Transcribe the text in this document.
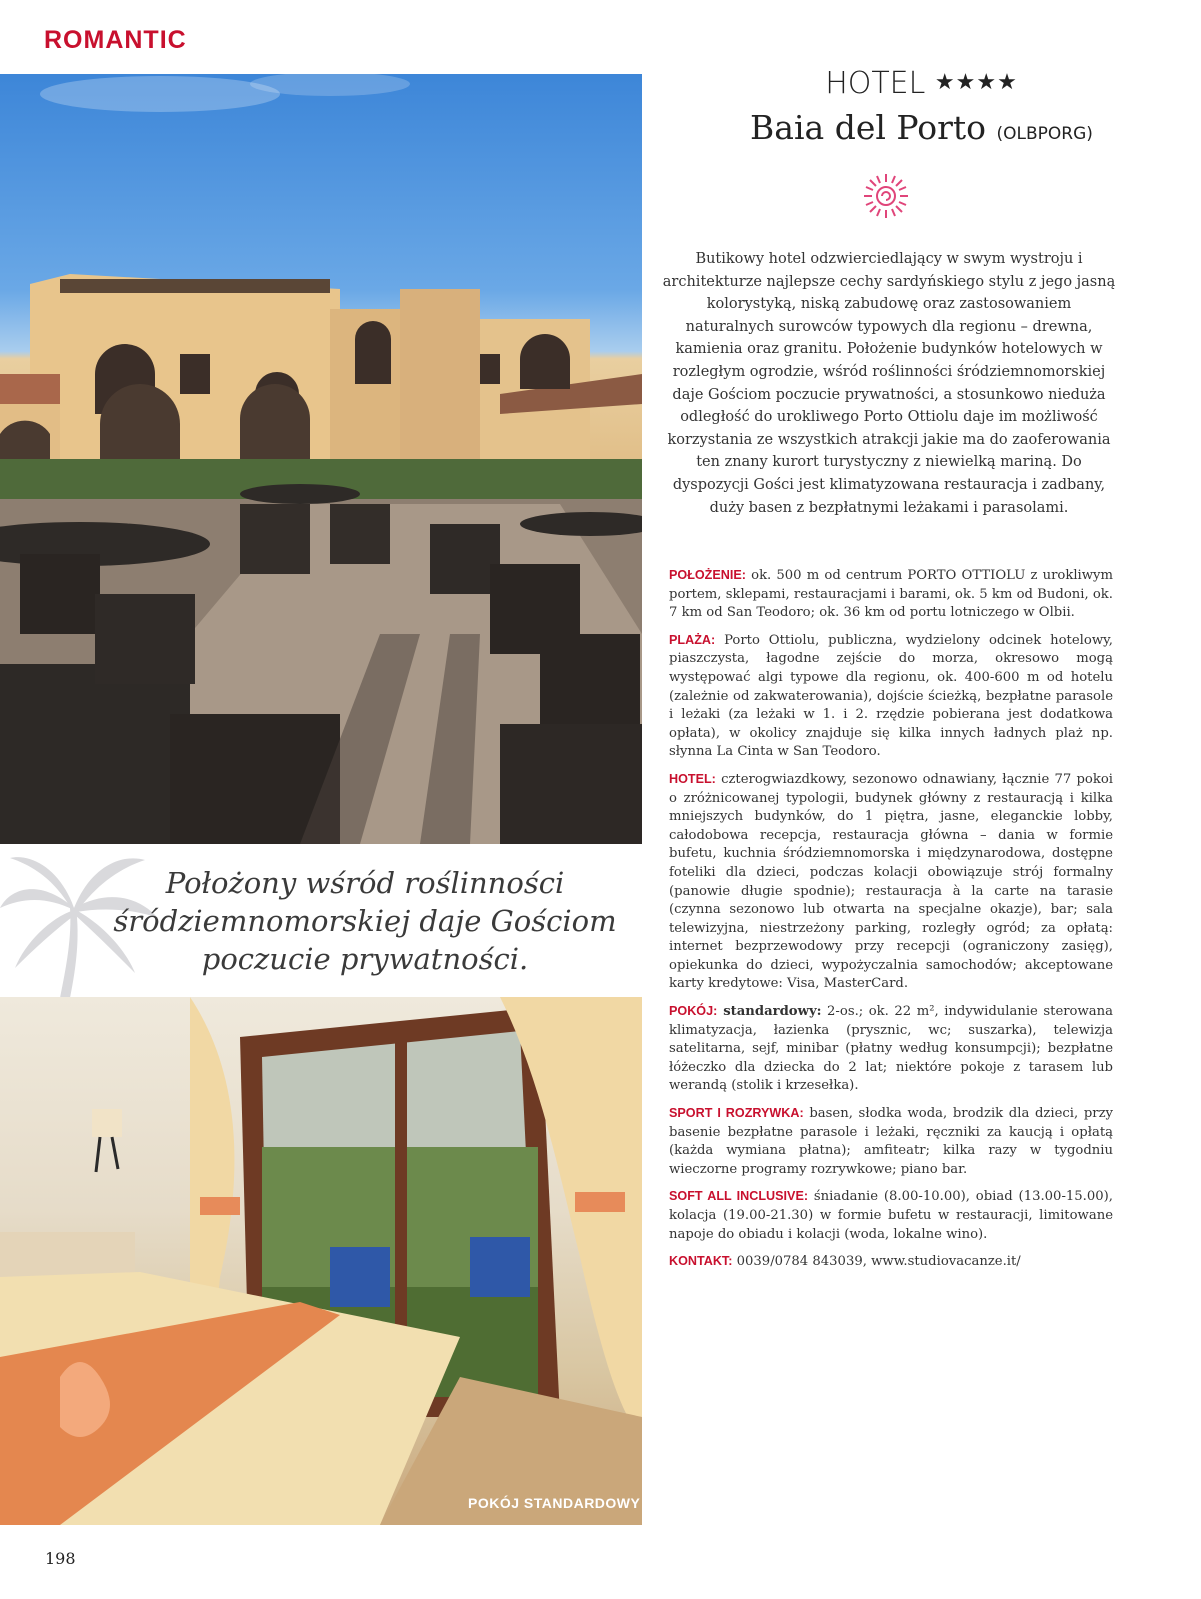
ROMANTIC
Położony wśród roślinności śródziemnomorskiej daje Gościom poczucie prywatności.
POKÓJ STANDARDOWY
HOTEL ★★★★
Baia del Porto (OLBPORG)
Butikowy hotel odzwierciedlający w swym wystroju i architekturze najlepsze cechy sardyńskiego stylu z jego jasną kolorystyką, niską zabudowę oraz zastosowaniem naturalnych surowców typowych dla regionu – drewna, kamienia oraz granitu. Położenie budynków hotelowych w rozległym ogrodzie, wśród roślinności śródziemnomorskiej daje Gościom poczucie prywatności, a stosunkowo niedużа odległość do urokliwego Porto Ottiolu daje im możliwość korzystania ze wszystkich atrakcji jakie ma do zaoferowania ten znany kurort turystyczny z niewielką mariną. Do dyspozycji Gości jest klimatyzowana restauracja i zadbany, duży basen z bezpłatnymi leżakami i parasolami.

POŁOŻENIE: ok. 500 m od centrum PORTO OTTIOLU z urokliwym portem, sklepami, restauracjami i barami, ok. 5 km od Budoni, ok. 7 km od San Teodoro; ok. 36 km od portu lotniczego w Olbii.

PLAŻA: Porto Ottiolu, publiczna, wydzielony odcinek hotelowy, piaszczysta, łagodne zejście do morza, okresowo mogą występować algi typowe dla regionu, ok. 400-600 m od hotelu (zależnie od zakwaterowania), dojście ścieżką, bezpłatne parasole i leżaki (za leżaki w 1. i 2. rzędzie pobierana jest dodatkowa opłata), w okolicy znajduje się kilka innych ładnych plaż np. słynna La Cinta w San Teodoro.

HOTEL: czterogwiazdkowy, sezonowo odnawiany, łącznie 77 pokoi o zróżnicowanej typologii, budynek główny z restauracją i kilka mniejszych budynków, do 1 piętra, jasne, eleganckie lobby, całodobowa recepcja, restauracja główna – dania w formie bufetu, kuchnia śródziemnomorska i międzynarodowa, dostępne foteliki dla dzieci, podczas kolacji obowiązuje strój formalny (panowie długie spodnie); restauracja à la carte na tarasie (czynna sezonowo lub otwarta na specjalne okazje), bar; sala telewizyjna, niestrzeżony parking, rozległy ogród; za opłatą: internet bezprzewodowy przy recepcji (ograniczony zasięg), opiekunka do dzieci, wypożyczalnia samochodów; akceptowane karty kredytowe: Visa, MasterCard.

POKÓJ: standardowy: 2-os.; ok. 22 m², indywidulanie sterowana klimatyzacja, łazienka (prysznic, wc; suszarka), telewizja satelitarna, sejf, minibar (płatny według konsumpcji); bezpłatne łóżeczko dla dziecka do 2 lat; niektóre pokoje z tarasem lub werandą (stolik i krzesełka).

SPORT I ROZRYWKA: basen, słodka woda, brodzik dla dzieci, przy basenie bezpłatne parasole i leżaki, ręczniki za kaucją i opłatą (każda wymiana płatna); amfiteatr; kilka razy w tygodniu wieczorne programy rozrywkowe; piano bar.

SOFT ALL INCLUSIVE: śniadanie (8.00-10.00), obiad (13.00-15.00), kolacja (19.00-21.30) w formie bufetu w restauracji, limitowane napoje do obiadu i kolacji (woda, lokalne wino).

KONTAKT: 0039/0784 843039, www.studiovacanze.it/

198
